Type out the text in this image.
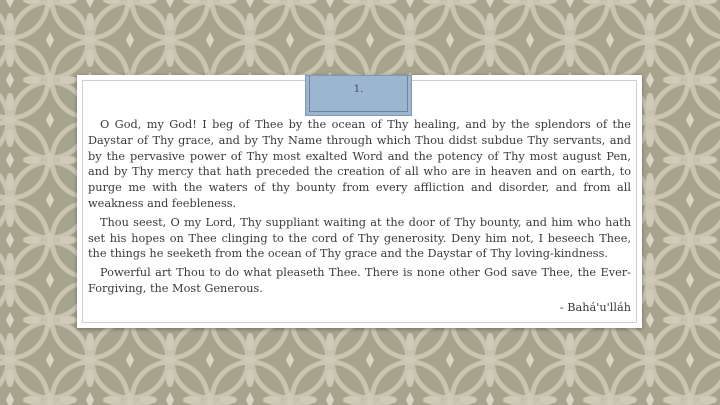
1.

O God, my God! I beg of Thee by the ocean of Thy healing, and by the splendors of the Daystar of Thy grace, and by Thy Name through which Thou didst subdue Thy servants, and by the pervasive power of Thy most exalted Word and the potency of Thy most august Pen, and by Thy mercy that hath preceded the creation of all who are in heaven and on earth, to purge me with the waters of thy bounty from every affliction and disorder, and from all weakness and feebleness.

Thou seest, O my Lord, Thy suppliant waiting at the door of Thy bounty, and him who hath set his hopes on Thee clinging to the cord of Thy generosity. Deny him not, I beseech Thee, the things he seeketh from the ocean of Thy grace and the Daystar of Thy loving-kindness.

Powerful art Thou to do what pleaseth Thee. There is none other God save Thee, the Ever-Forgiving, the Most Generous.

- Bahá'u'lláh
